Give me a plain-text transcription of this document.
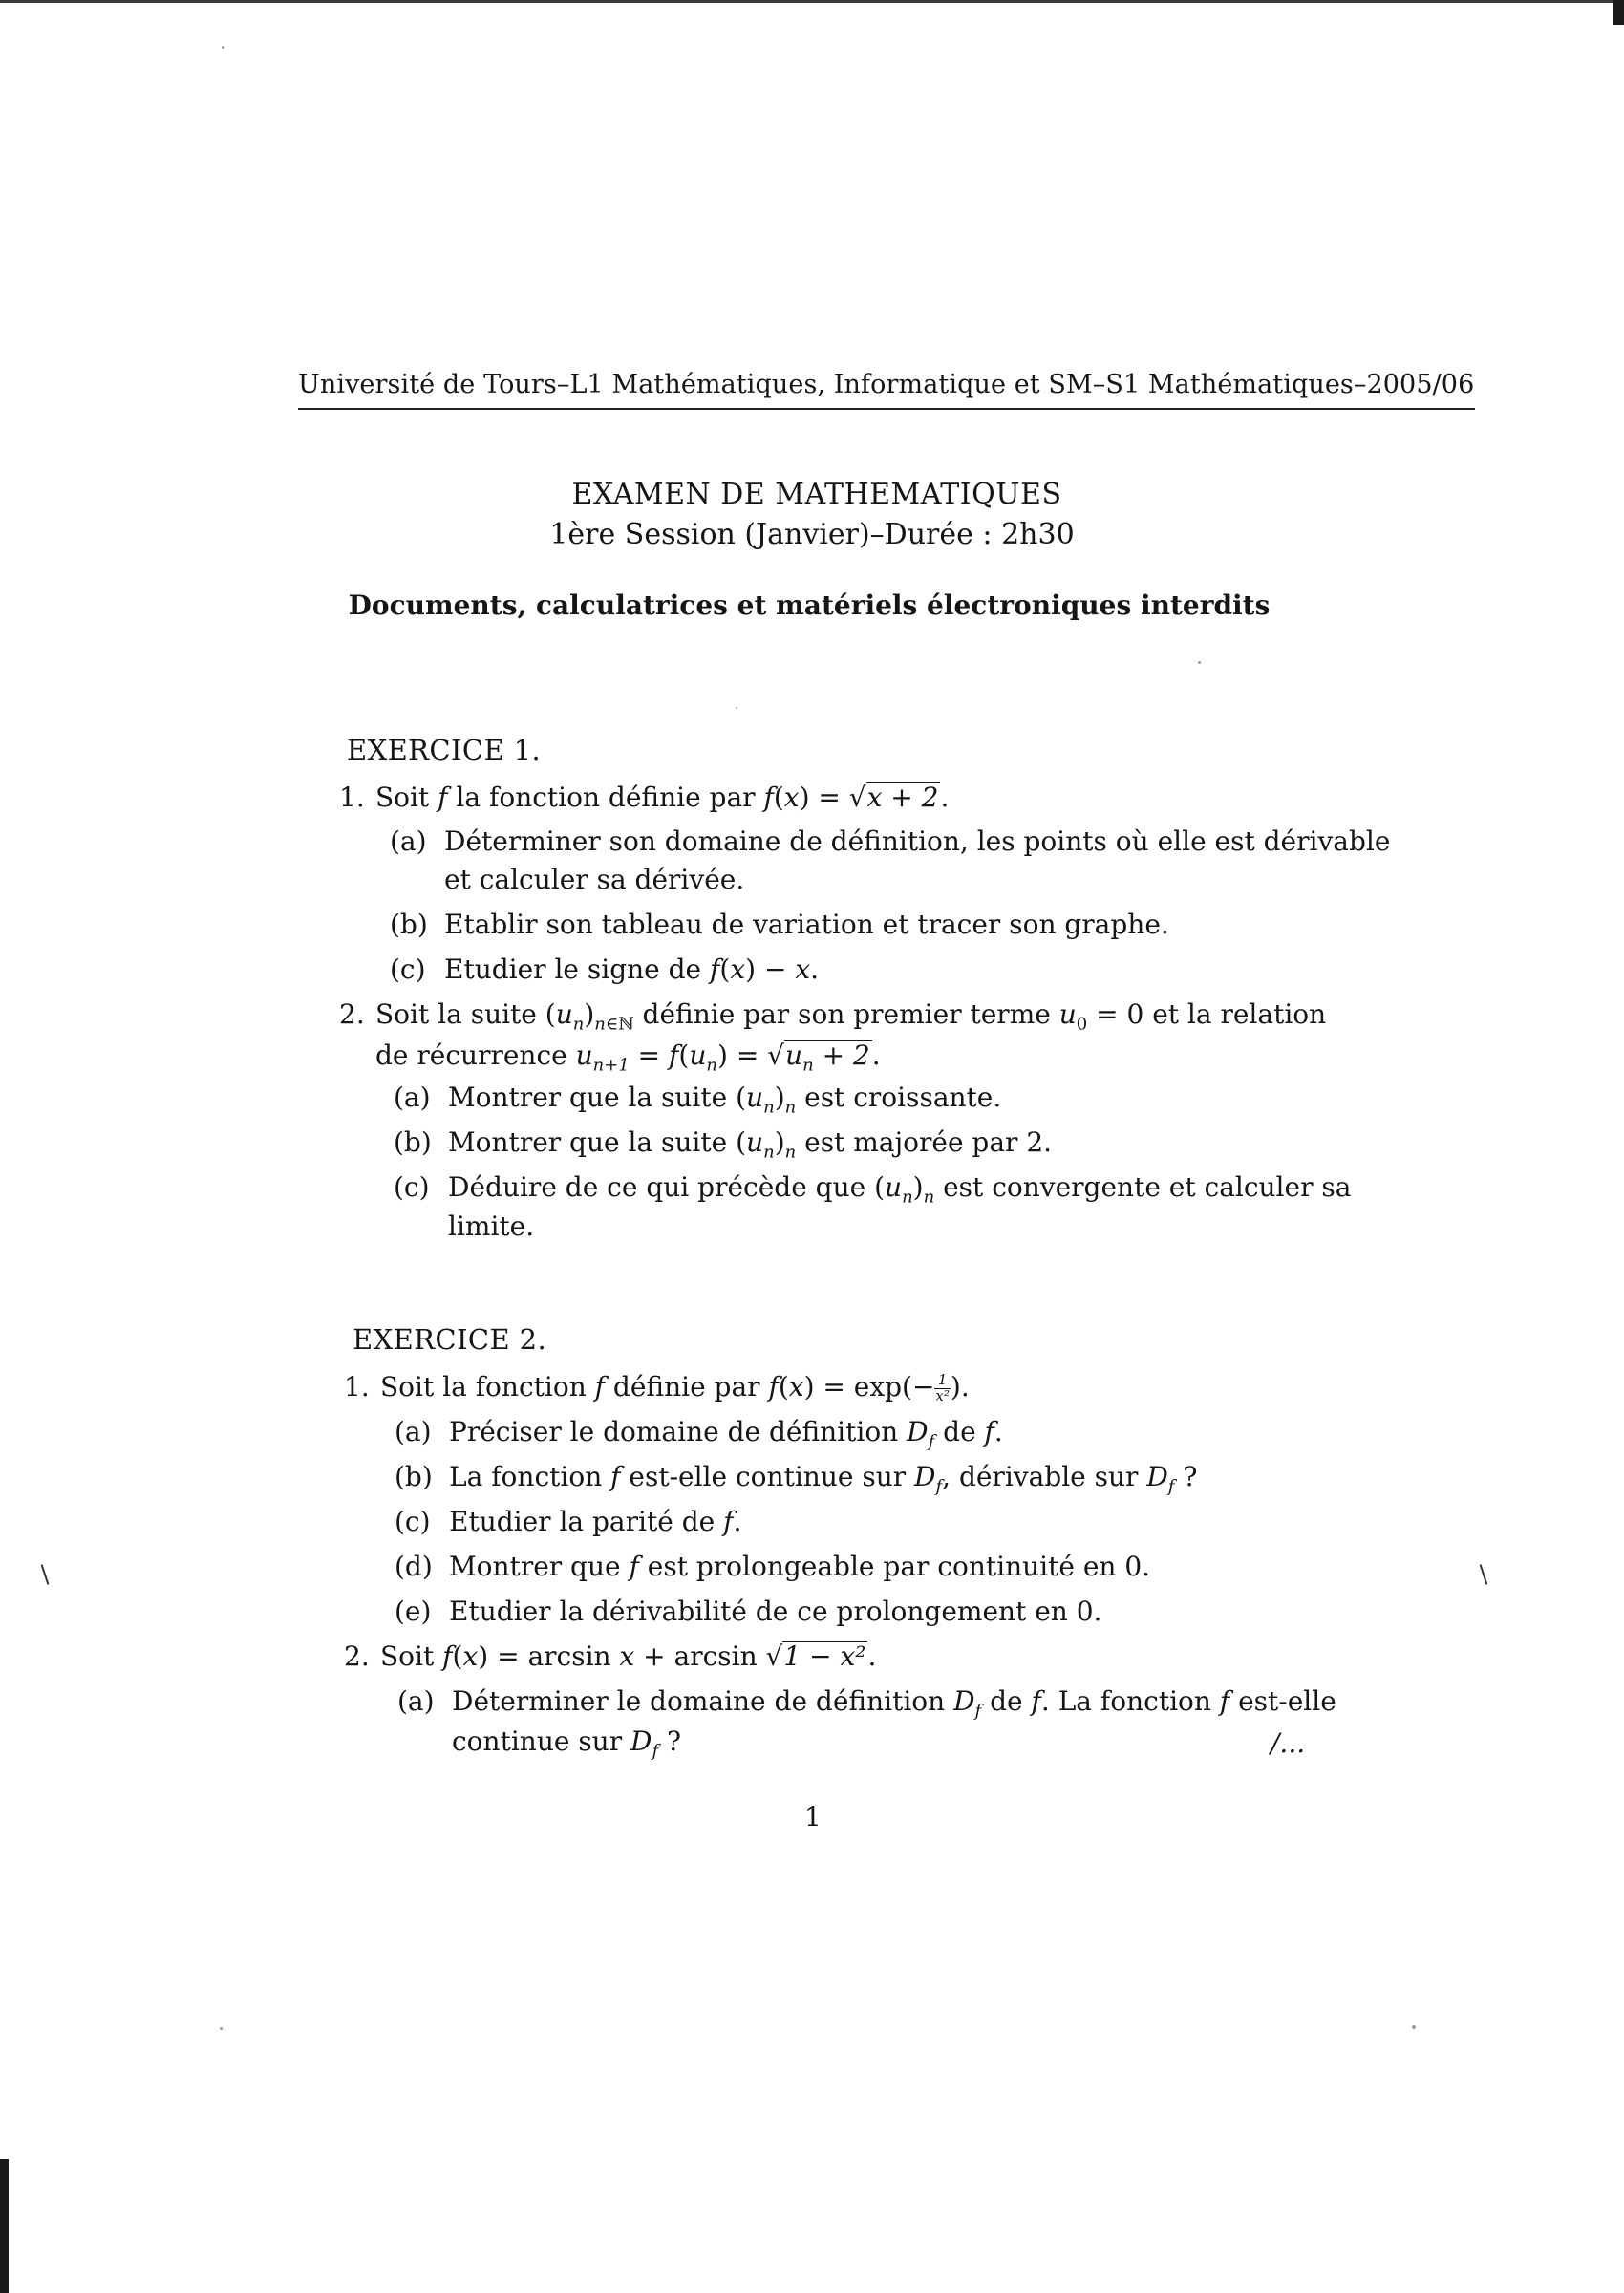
Université de Tours–L1 Mathématiques, Informatique et SM–S1 Mathématiques–2005/06
EXAMEN DE MATHEMATIQUES
1ère Session (Janvier)–Durée : 2h30
Documents, calculatrices et matériels électroniques interdits
EXERCICE 1.
1. Soit f la fonction définie par f(x) = √x + 2.
(a) Déterminer son domaine de définition, les points où elle est dérivable
et calculer sa dérivée.
(b) Etablir son tableau de variation et tracer son graphe.
(c) Etudier le signe de f(x) − x.
2. Soit la suite $(u_n)_{n\in ℕ}$ définie par son premier terme $u_0 = 0$ et la relation
de récurrence $u_{n+1} = f(u_n) = √u_n + 2$.
(a) Montrer que la suite $(u_n)_n$ est croissante.
(b) Montrer que la suite $(u_n)_n$ est majorée par 2.
(c) Déduire de ce qui précède que $(u_n)_n$ est convergente et calculer sa
limite.
EXERCICE 2.
1. Soit la fonction f définie par $f(x) = \exp(- \frac{1}{\text{x²}}$ ).
(a) Préciser le domaine de définition $D_f$ de f.
(b) La fonction f est-elle continue sur $D_f$, dérivable sur $D_f$ ?
(c) Etudier la parité de f.
(d) Montrer que f est prolongeable par continuité en 0.
(e) Etudier la dérivabilité de ce prolongement en 0.
2. Soit f(x) = arcsin x + arcsin √1 − x².
(a) Déterminer le domaine de définition $D_f$ de f. La fonction f est-elle
continue sur $D_f$ ?	/...
1
